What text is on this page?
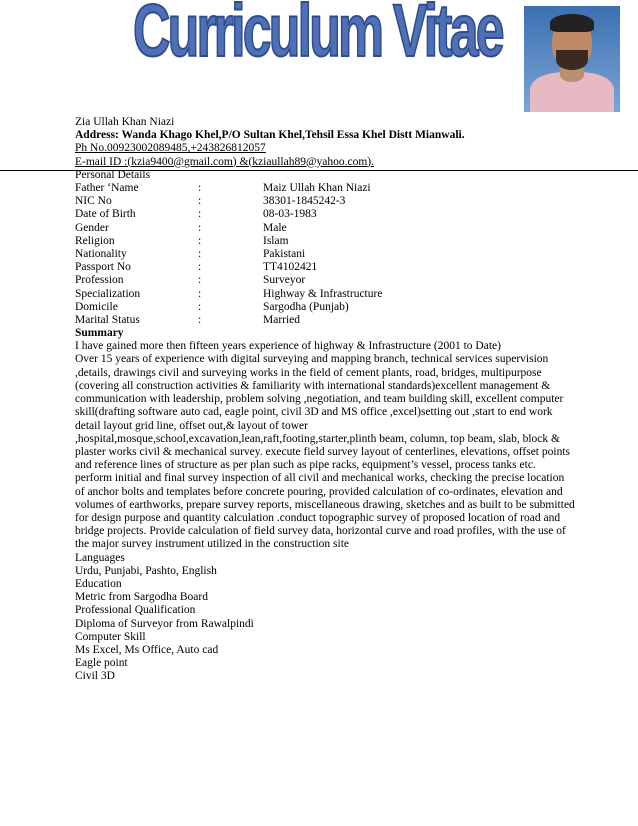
Curriculum Vitae
Zia Ullah Khan Niazi
Address: Wanda Khago Khel,P/O Sultan Khel,Tehsil Essa Khel Distt Mianwali.
Ph No.00923002089485,+243826812057
E-mail ID :(kzia9400@gmail.com) &(kziaullah89@yahoo.com).
Personal Details
Father ‘Name	:	Maiz Ullah Khan Niazi
NIC No	:	38301-1845242-3
Date of Birth	:	08-03-1983
Gender	:	Male
Religion	:	Islam
Nationality	:	Pakistani
Passport No	:	TT4102421
Profession	:	Surveyor
Specialization	:	Highway & Infrastructure
Domicile	:	Sargodha (Punjab)
Marital Status	:	Married
Summary
I have gained more then fifteen years experience of highway & Infrastructure (2001 to Date)
Over 15 years of experience with digital surveying and mapping branch, technical services supervision ,details, drawings civil and surveying works in the field of cement plants, road, bridges, multipurpose (covering all construction activities & familiarity with international standards)excellent management & communication with leadership, problem solving ,negotiation, and team building skill, excellent computer skill(drafting software auto cad, eagle point, civil 3D and MS office ,excel)setting out ,start to end work detail layout grid line, offset out,& layout of tower ,hospital,mosque,school,excavation,lean,raft,footing,starter,plinth beam, column, top beam, slab, block & plaster works civil & mechanical survey. execute field survey layout of centerlines, elevations, offset points and reference lines of structure as per plan such as pipe racks, equipment’s vessel, process tanks etc. perform initial and final survey inspection of all civil and mechanical works, checking the precise location of anchor bolts and templates before concrete pouring, provided calculation of co-ordinates, elevation and volumes of earthworks, prepare survey reports, miscellaneous drawing, sketches and as built to be submitted for design purpose and quantity calculation .conduct topographic survey of proposed location of road and bridge projects. Provide calculation of field survey data, horizontal curve and road profiles, with the use of the major survey instrument utilized in the construction site
Languages
Urdu, Punjabi, Pashto, English
Education
Metric from Sargodha Board
Professional Qualification
Diploma of Surveyor from Rawalpindi
Computer Skill
Ms Excel, Ms Office, Auto cad
Eagle point
Civil 3D
